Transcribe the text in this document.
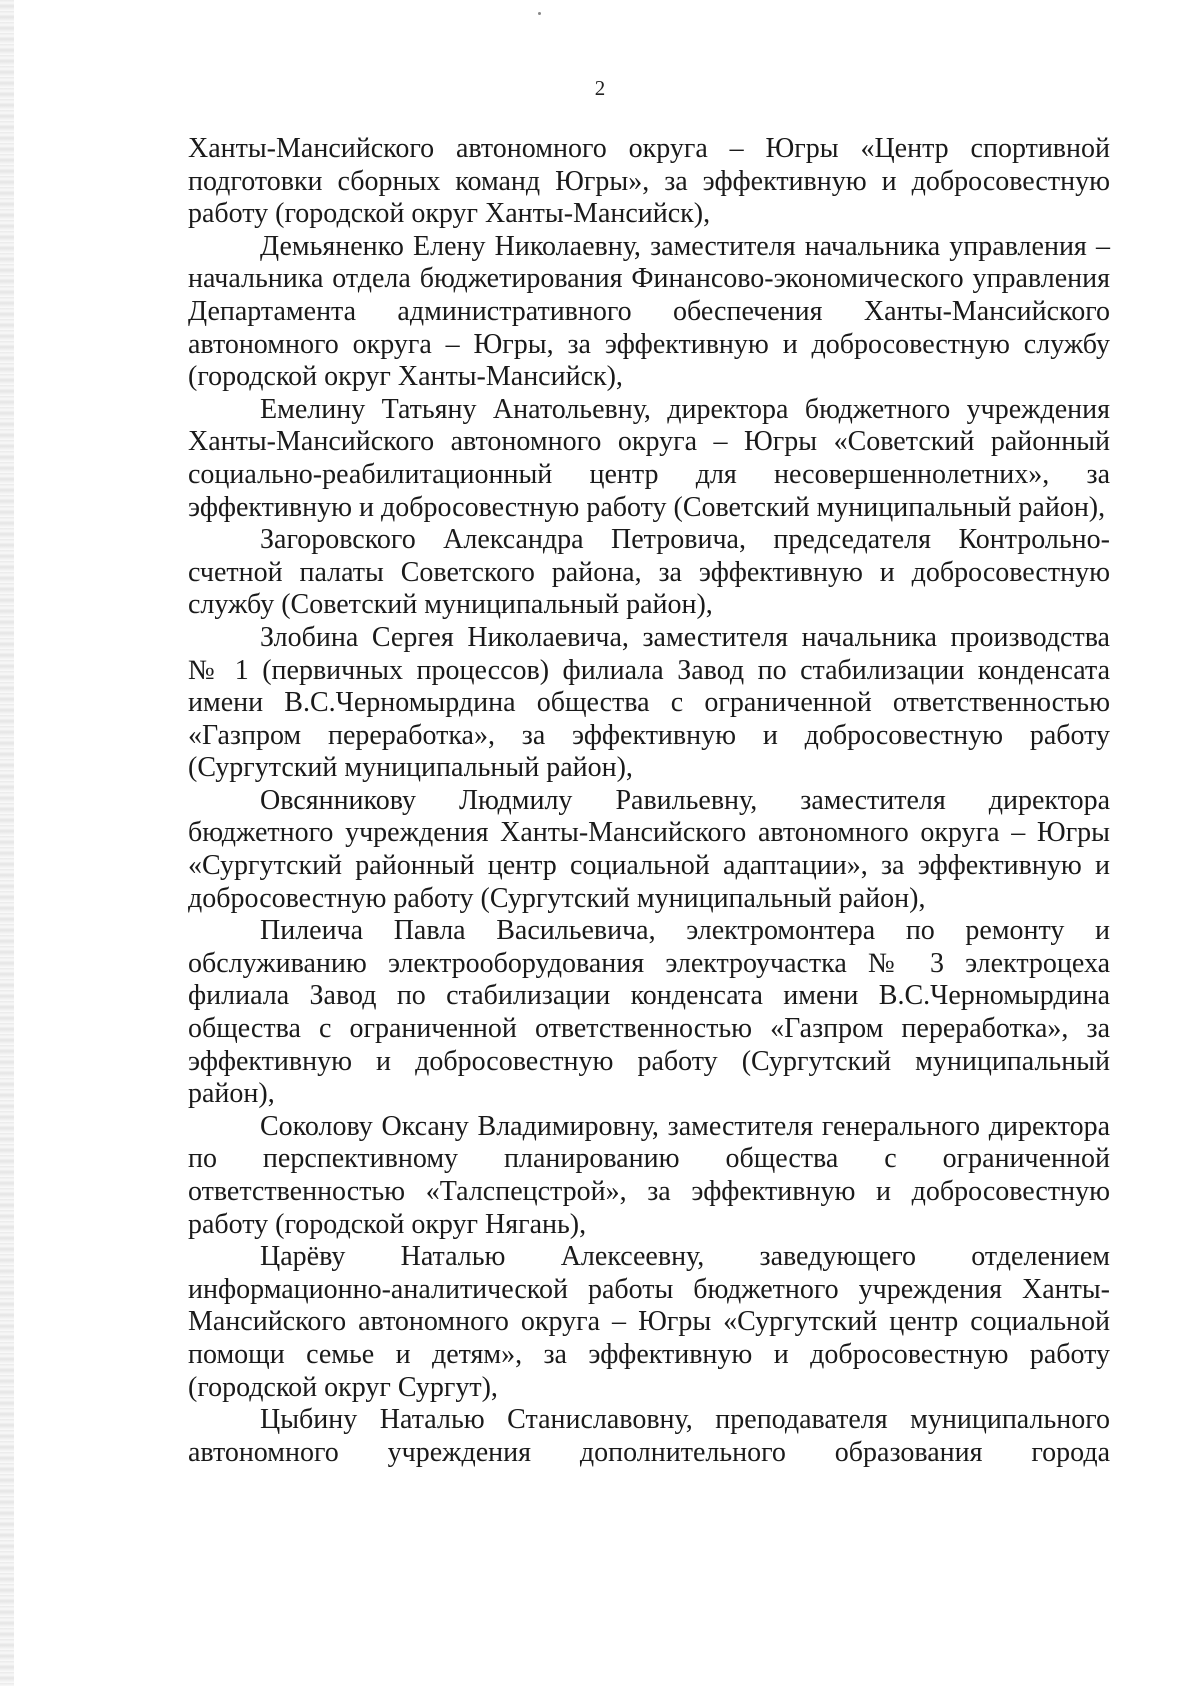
2

Ханты-Мансийского автономного округа – Югры «Центр спортивной подготовки сборных команд Югры», за эффективную и добросовестную работу (городской округ Ханты-Мансийск),

Демьяненко Елену Николаевну, заместителя начальника управления – начальника отдела бюджетирования Финансово-экономического управления Департамента административного обеспечения Ханты-Мансийского автономного округа – Югры, за эффективную и добросовестную службу (городской округ Ханты-Мансийск),

Емелину Татьяну Анатольевну, директора бюджетного учреждения Ханты-Мансийского автономного округа – Югры «Советский районный социально-реабилитационный центр для несовершеннолетних», за эффективную и добросовестную работу (Советский муниципальный район),

Загоровского Александра Петровича, председателя Контрольно-счетной палаты Советского района, за эффективную и добросовестную службу (Советский муниципальный район),

Злобина Сергея Николаевича, заместителя начальника производства № 1 (первичных процессов) филиала Завод по стабилизации конденсата имени В.С.Черномырдина общества с ограниченной ответственностью «Газпром переработка», за эффективную и добросовестную работу (Сургутский муниципальный район),

Овсянникову Людмилу Равильевну, заместителя директора бюджетного учреждения Ханты-Мансийского автономного округа – Югры «Сургутский районный центр социальной адаптации», за эффективную и добросовестную работу (Сургутский муниципальный район),

Пилеича Павла Васильевича, электромонтера по ремонту и обслуживанию электрооборудования электроучастка № 3 электроцеха филиала Завод по стабилизации конденсата имени В.С.Черномырдина общества с ограниченной ответственностью «Газпром переработка», за эффективную и добросовестную работу (Сургутский муниципальный район),

Соколову Оксану Владимировну, заместителя генерального директора по перспективному планированию общества с ограниченной ответственностью «Талспецстрой», за эффективную и добросовестную работу (городской округ Нягань),

Царёву Наталью Алексеевну, заведующего отделением информационно-аналитической работы бюджетного учреждения Ханты-Мансийского автономного округа – Югры «Сургутский центр социальной помощи семье и детям», за эффективную и добросовестную работу (городской округ Сургут),

Цыбину Наталью Станиславовну, преподавателя муниципального автономного учреждения дополнительного образования города
